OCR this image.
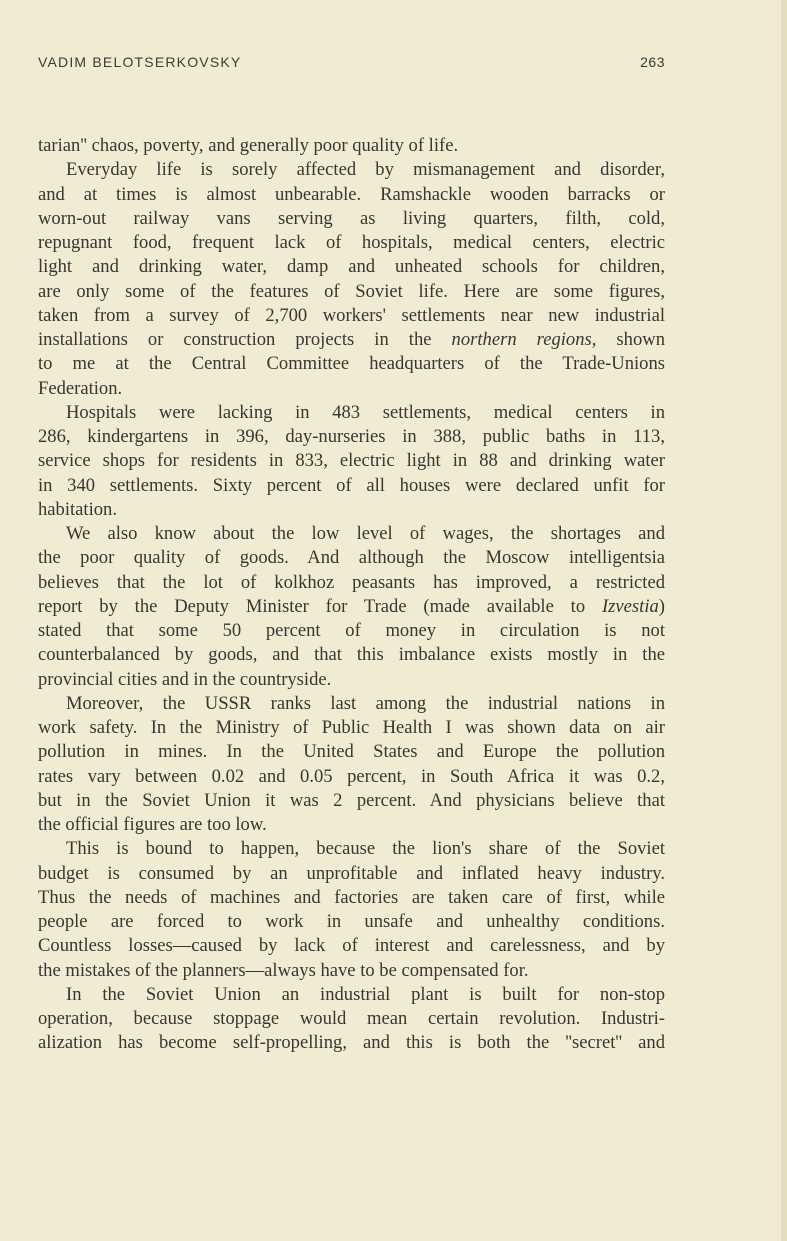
VADIM BELOTSERKOVSKY	263
tarian'' chaos, poverty, and generally poor quality of life.
Everyday life is sorely affected by mismanagement and disorder,
and at times is almost unbearable. Ramshackle wooden barracks or
worn-out railway vans serving as living quarters, filth, cold,
repugnant food, frequent lack of hospitals, medical centers, electric
light and drinking water, damp and unheated schools for children,
are only some of the features of Soviet life. Here are some figures,
taken from a survey of 2,700 workers' settlements near new industrial
installations or construction projects in the northern regions, shown
to me at the Central Committee headquarters of the Trade-Unions
Federation.
Hospitals were lacking in 483 settlements, medical centers in
286, kindergartens in 396, day-nurseries in 388, public baths in 113,
service shops for residents in 833, electric light in 88 and drinking water
in 340 settlements. Sixty percent of all houses were declared unfit for
habitation.
We also know about the low level of wages, the shortages and
the poor quality of goods. And although the Moscow intelligentsia
believes that the lot of kolkhoz peasants has improved, a restricted
report by the Deputy Minister for Trade (made available to Izvestia)
stated that some 50 percent of money in circulation is not
counterbalanced by goods, and that this imbalance exists mostly in the
provincial cities and in the countryside.
Moreover, the USSR ranks last among the industrial nations in
work safety. In the Ministry of Public Health I was shown data on air
pollution in mines. In the United States and Europe the pollution
rates vary between 0.02 and 0.05 percent, in South Africa it was 0.2,
but in the Soviet Union it was 2 percent. And physicians believe that
the official figures are too low.
This is bound to happen, because the lion's share of the Soviet
budget is consumed by an unprofitable and inflated heavy industry.
Thus the needs of machines and factories are taken care of first, while
people are forced to work in unsafe and unhealthy conditions.
Countless losses—caused by lack of interest and carelessness, and by
the mistakes of the planners—always have to be compensated for.
In the Soviet Union an industrial plant is built for non-stop
operation, because stoppage would mean certain revolution. Industri-
alization has become self-propelling, and this is both the ''secret'' and
